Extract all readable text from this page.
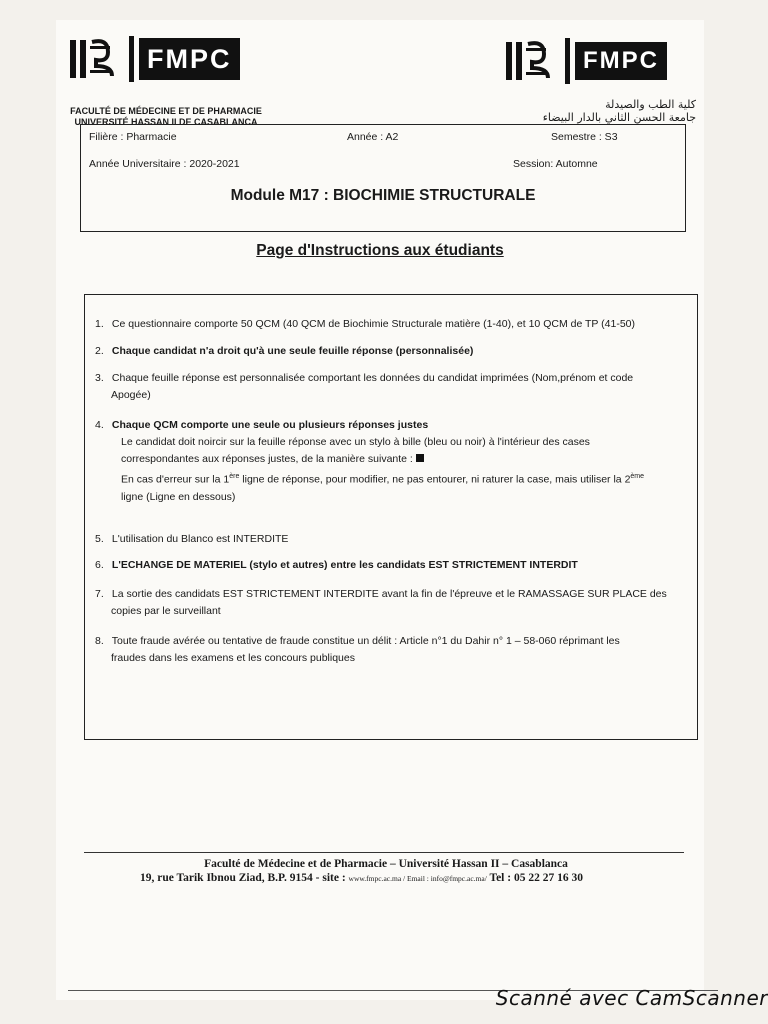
FMPC
FACULTÉ DE MÉDECINE ET DE PHARMACIE
UNIVERSITÉ HASSAN II DE CASABLANCA
FMPC
كلية الطب والصيدلة
جامعة الحسن الثاني بالدار البيضاء
Filière : Pharmacie	Année : A2	Semestre : S3
Année Universitaire : 2020-2021	Session: Automne
Module M17 : BIOCHIMIE STRUCTURALE
Page d'Instructions aux étudiants
1. Ce questionnaire comporte 50 QCM (40 QCM de Biochimie Structurale matière (1-40), et 10 QCM de TP (41-50)
2. Chaque candidat n'a droit qu'à une seule feuille réponse (personnalisée)
3. Chaque feuille réponse est personnalisée comportant les données du candidat imprimées (Nom,prénom et code
Apogée)
4. Chaque QCM comporte une seule ou plusieurs réponses justes
Le candidat doit noircir sur la feuille réponse avec un stylo à bille (bleu ou noir) à l'intérieur des cases
correspondantes aux réponses justes, de la manière suivante :
En cas d'erreur sur la 1ère ligne de réponse, pour modifier, ne pas entourer, ni raturer la case, mais utiliser la 2ème
ligne (Ligne en dessous)
5. L'utilisation du Blanco est INTERDITE
6. L'ECHANGE DE MATERIEL (stylo et autres) entre les candidats EST STRICTEMENT INTERDIT
7. La sortie des candidats EST STRICTEMENT INTERDITE avant la fin de l'épreuve et le RAMASSAGE SUR PLACE des
copies par le surveillant
8. Toute fraude avérée ou tentative de fraude constitue un délit : Article n°1 du Dahir n° 1 – 58-060 réprimant les
fraudes dans les examens et les concours publiques
Faculté de Médecine et de Pharmacie – Université Hassan II – Casablanca
19, rue Tarik Ibnou Ziad, B.P. 9154 - site : www.fmpc.ac.ma / Email : info@fmpc.ac.ma/ Tel : 05 22 27 16 30
Scanné avec CamScanner
